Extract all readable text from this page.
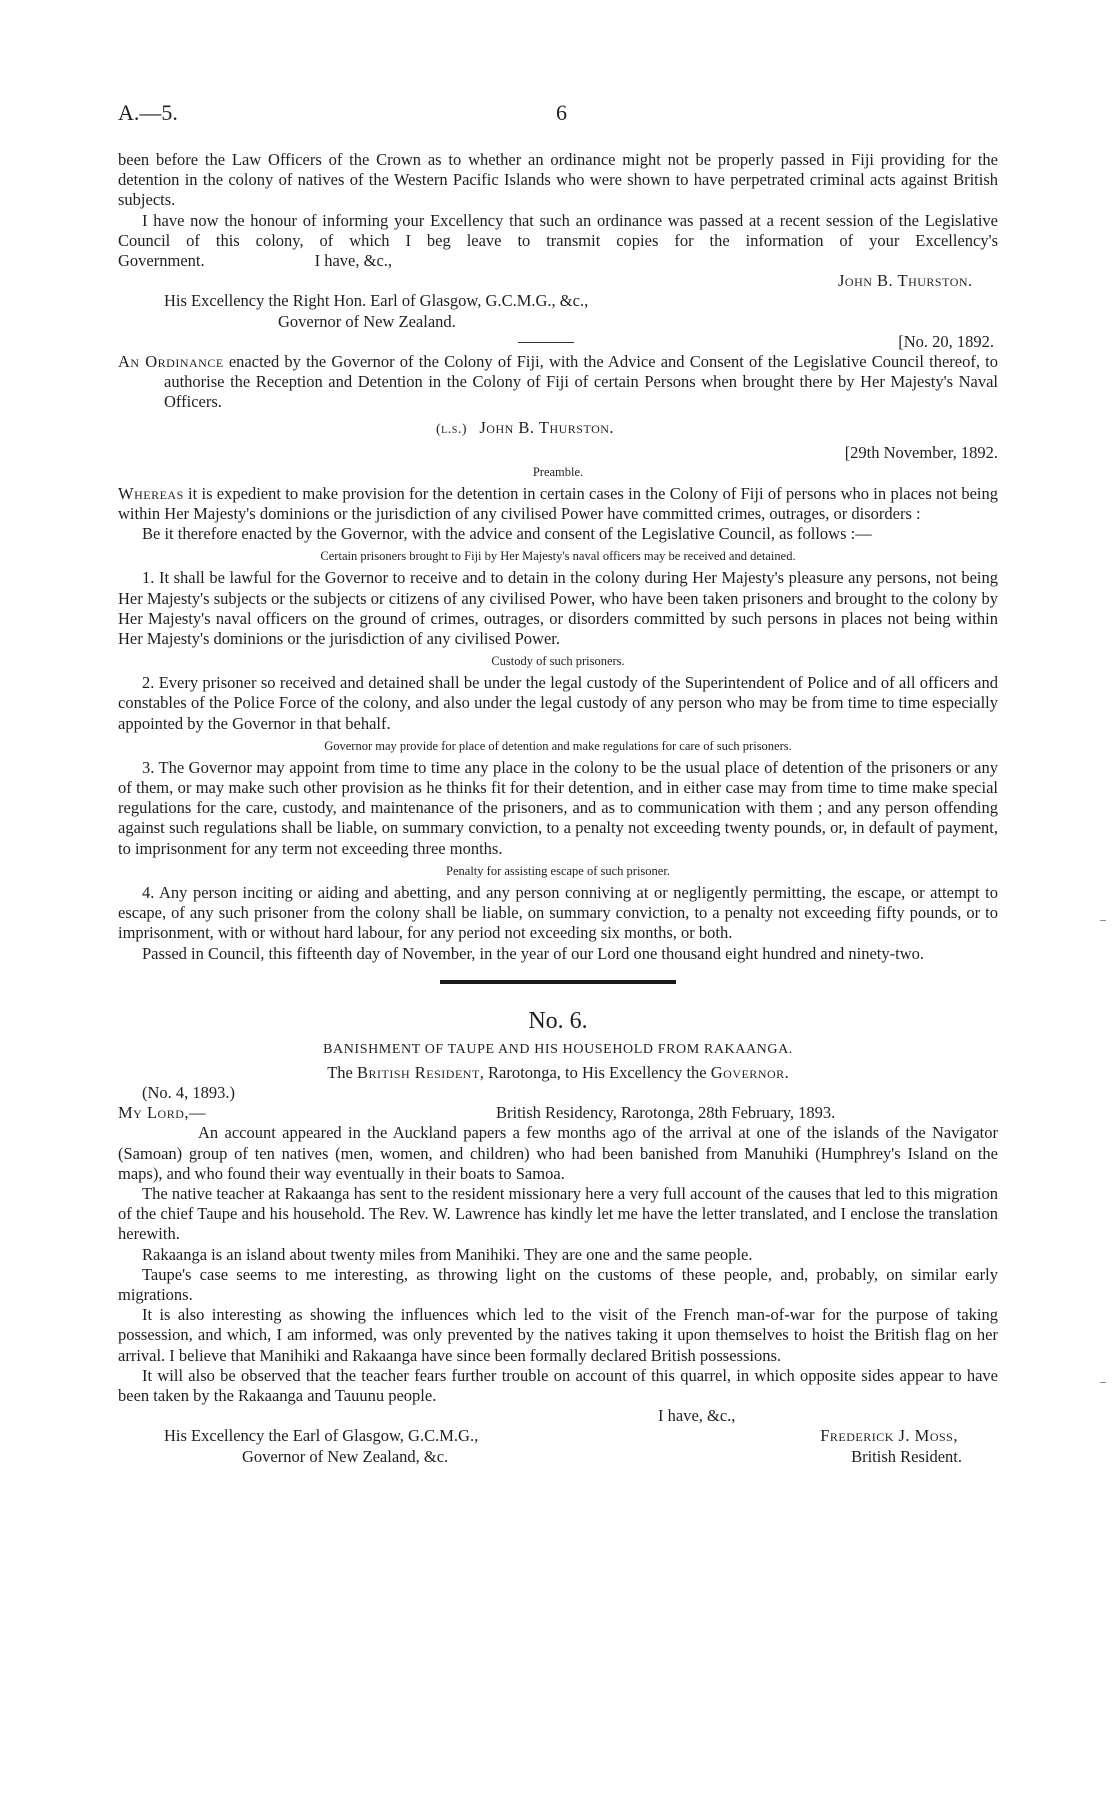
A.—5.	6

been before the Law Officers of the Crown as to whether an ordinance might not be properly passed in Fiji providing for the detention in the colony of natives of the Western Pacific Islands who were shown to have perpetrated criminal acts against British subjects.

I have now the honour of informing your Excellency that such an ordinance was passed at a recent session of the Legislative Council of this colony, of which I beg leave to transmit copies for the information of your Excellency's Government.	I have, &c.,

John B. Thurston.

His Excellency the Right Hon. Earl of Glasgow, G.C.M.G., &c.,

Governor of New Zealand.

[No. 20, 1892.

An Ordinance enacted by the Governor of the Colony of Fiji, with the Advice and Consent of the Legislative Council thereof, to authorise the Reception and Detention in the Colony of Fiji of certain Persons when brought there by Her Majesty's Naval Officers.

(l.s.) John B. Thurston.

[29th November, 1892.

Preamble.

Whereas it is expedient to make provision for the detention in certain cases in the Colony of Fiji of persons who in places not being within Her Majesty's dominions or the jurisdiction of any civilised Power have committed crimes, outrages, or disorders :

Be it therefore enacted by the Governor, with the advice and consent of the Legislative Council, as follows :—

Certain prisoners brought to Fiji by Her Majesty's naval officers may be received and detained.

1. It shall be lawful for the Governor to receive and to detain in the colony during Her Majesty's pleasure any persons, not being Her Majesty's subjects or the subjects or citizens of any civilised Power, who have been taken prisoners and brought to the colony by Her Majesty's naval officers on the ground of crimes, outrages, or disorders committed by such persons in places not being within Her Majesty's dominions or the jurisdiction of any civilised Power.

Custody of such prisoners.

2. Every prisoner so received and detained shall be under the legal custody of the Superintendent of Police and of all officers and constables of the Police Force of the colony, and also under the legal custody of any person who may be from time to time especially appointed by the Governor in that behalf.

Governor may provide for place of detention and make regulations for care of such prisoners.

3. The Governor may appoint from time to time any place in the colony to be the usual place of detention of the prisoners or any of them, or may make such other provision as he thinks fit for their detention, and in either case may from time to time make special regulations for the care, custody, and maintenance of the prisoners, and as to communication with them ; and any person offending against such regulations shall be liable, on summary conviction, to a penalty not exceeding twenty pounds, or, in default of payment, to imprisonment for any term not exceeding three months.

Penalty for assisting escape of such prisoner.

4. Any person inciting or aiding and abetting, and any person conniving at or negligently permitting, the escape, or attempt to escape, of any such prisoner from the colony shall be liable, on summary conviction, to a penalty not exceeding fifty pounds, or to imprisonment, with or without hard labour, for any period not exceeding six months, or both.

Passed in Council, this fifteenth day of November, in the year of our Lord one thousand eight hundred and ninety-two.

No. 6.

BANISHMENT OF TAUPE AND HIS HOUSEHOLD FROM RAKAANGA.

The British Resident, Rarotonga, to His Excellency the Governor.

(No. 4, 1893.)

My Lord,—	British Residency, Rarotonga, 28th February, 1893.

An account appeared in the Auckland papers a few months ago of the arrival at one of the islands of the Navigator (Samoan) group of ten natives (men, women, and children) who had been banished from Manuhiki (Humphrey's Island on the maps), and who found their way eventually in their boats to Samoa.

The native teacher at Rakaanga has sent to the resident missionary here a very full account of the causes that led to this migration of the chief Taupe and his household. The Rev. W. Lawrence has kindly let me have the letter translated, and I enclose the translation herewith.

Rakaanga is an island about twenty miles from Manihiki. They are one and the same people.

Taupe's case seems to me interesting, as throwing light on the customs of these people, and, probably, on similar early migrations.

It is also interesting as showing the influences which led to the visit of the French man-of-war for the purpose of taking possession, and which, I am informed, was only prevented by the natives taking it upon themselves to hoist the British flag on her arrival. I believe that Manihiki and Rakaanga have since been formally declared British possessions.

It will also be observed that the teacher fears further trouble on account of this quarrel, in which opposite sides appear to have been taken by the Rakaanga and Tauunu people.

I have, &c.,

His Excellency the Earl of Glasgow, G.C.M.G.,	Frederick J. Moss,
Governor of New Zealand, &c.	British Resident.
